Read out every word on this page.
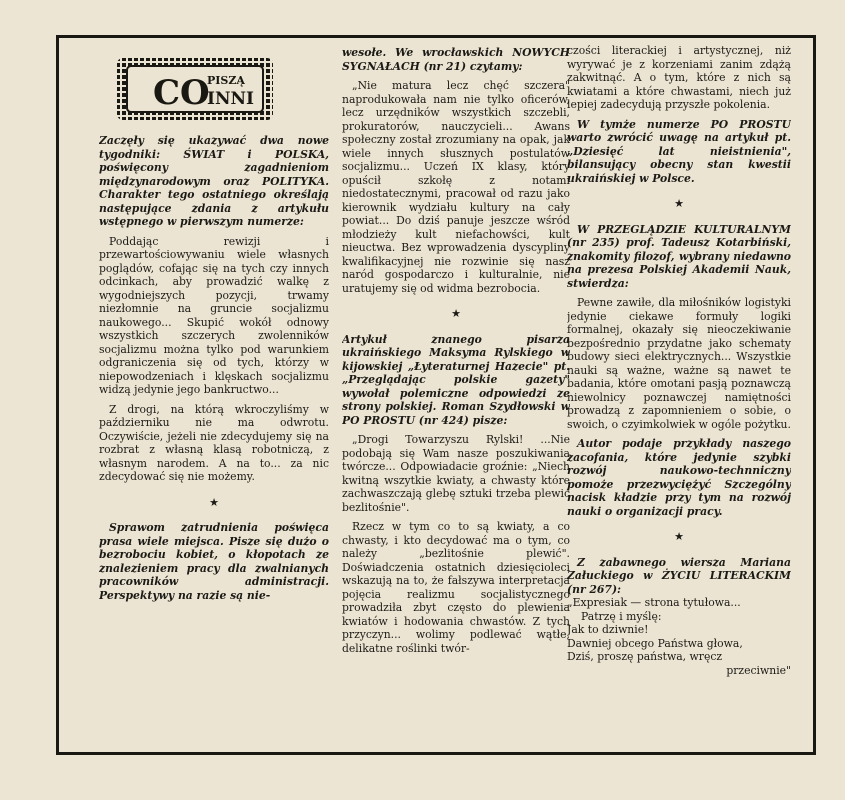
CO
PISZĄ
INNI

Zaczęły się ukazywać dwa nowe tygodniki: ŚWIAT i POLSKA, poświęcony zagadnieniom międzynarodowym oraz POLITYKA. Charakter tego ostatniego określają następujące zdania z artykułu wstępnego w pierwszym numerze:

Poddając rewizji i przewartościowywaniu wiele własnych poglądów, cofając się na tych czy innych odcinkach, aby prowadzić walkę z wygodniejszych pozycji, trwamy niezłomnie na gruncie socjalizmu naukowego... Skupić wokół odnowy wszystkich szczerych zwolenników socjalizmu można tylko pod warunkiem odgraniczenia się od tych, którzy w niepowodzeniach i klęskach socjalizmu widzą jedynie jego bankructwo...

Z drogi, na którą wkroczyliśmy w październiku nie ma odwrotu. Oczywiście, jeżeli nie zdecydujemy się na rozbrat z własną klasą robotniczą, z własnym narodem. A na to... za nic zdecydować się nie możemy.

★

Sprawom zatrudnienia poświęca prasa wiele miejsca. Pisze się dużo o bezrobociu kobiet, o kłopotach ze znalezieniem pracy dla zwalnianych pracowników administracji. Perspektywy na razie są nie-

wesołe. We wrocławskich NOWYCH SYGNAŁACH (nr 21) czytamy:

„Nie matura lecz chęć szczera" naprodukowała nam nie tylko oficerów, lecz urzędników wszystkich szczebli, prokuratorów, nauczycieli... Awans społeczny został zrozumiany na opak, jak wiele innych słusznych postulatów socjalizmu... Uczeń IX klasy, który opuścił szkołę z notami niedostatecznymi, pracował od razu jako kierownik wydziału kultury na cały powiat... Do dziś panuje jeszcze wśród młodzieży kult niefachowści, kult nieuctwa. Bez wprowadzenia dyscypliny kwalifikacyjnej nie rozwinie się nasz naród gospodarczo i kulturalnie, nie uratujemy się od widma bezrobocia.

★

Artykuł znanego pisarza ukraińskiego Maksyma Rylskiego w kijowskiej „Łyteraturnej Hazecie" pt. „Przeglądając polskie gazety" wywołał polemiczne odpowiedzi ze strony polskiej. Roman Szydłowski w PO PROSTU (nr 424) pisze:

„Drogi Towarzyszu Rylski! ...Nie podobają się Wam nasze poszukiwania twórcze... Odpowiadacie groźnie: „Niech kwitną wszytkie kwiaty, a chwasty które zachwaszczają glebę sztuki trzeba plewić bezlitośnie".

Rzecz w tym co to są kwiaty, a co chwasty, i kto decydować ma o tym, co należy „bezlitośnie plewić". Doświadczenia ostatnich dziesięcioleci wskazują na to, że fałszywa interpretacja pojęcia realizmu socjalistycznego prowadziła zbyt często do plewienia kwiatów i hodowania chwastów. Z tych przyczyn... wolimy podlewać wątłe, delikatne roślinki twór-

czości literackiej i artystycznej, niż wyrywać je z korzeniami zanim zdążą zakwitnąć. A o tym, które z nich są kwiatami a które chwastami, niech już lepiej zadecydują przyszłe pokolenia.

W tymże numerze PO PROSTU warto zwrócić uwagę na artykuł pt. „Dziesięć lat nieistnienia", bilansujący obecny stan kwestii ukraińskiej w Polsce.

★

W PRZEGLĄDZIE KULTURALNYM (nr 235) prof. Tadeusz Kotarbiński, znakomity filozof, wybrany niedawno na prezesa Polskiej Akademii Nauk, stwierdza:

Pewne zawiłe, dla miłośników logistyki jedynie ciekawe formuły logiki formalnej, okazały się nieoczekiwanie bezpośrednio przydatne jako schematy budowy sieci elektrycznych... Wszystkie nauki są ważne, ważne są nawet te badania, które omotani pasją poznawczą niewolnicy poznawczej namiętności prowadzą z zapomnieniem o sobie, o swoich, o czyimkolwiek w ogóle pożytku.

Autor podaje przykłady naszego zacofania, które jedynie szybki rozwój naukowo-technniczny pomoże przezwyciężyć Szczególny nacisk kładzie przy tym na rozwój nauki o organizacji pracy.

★

Z zabawnego wiersza Mariana Załuckiego w ŻYCIU LITERACKIM (nr 267):

„Expresiak — strona tytułowa...
Patrzę i myślę:
Jak to dziwnie!
Dawniej obcego Państwa głowa,
Dziś, proszę państwa, wręcz
przeciwnie"
